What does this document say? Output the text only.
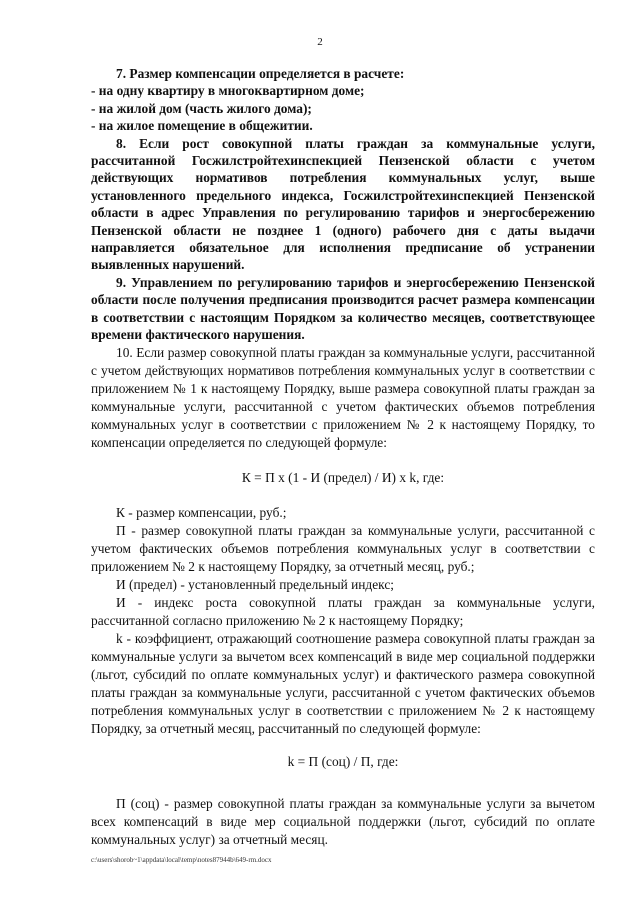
2

7. Размер компенсации определяется в расчете:

- на одну квартиру в многоквартирном доме;

- на жилой дом (часть жилого дома);

- на жилое помещение в общежитии.

8. Если рост совокупной платы граждан за коммунальные услуги, рассчитанной Госжилстройтехинспекцией Пензенской области с учетом действующих нормативов потребления коммунальных услуг, выше установленного предельного индекса, Госжилстройтехинспекцией Пензенской области в адрес Управления по регулированию тарифов и энергосбережению Пензенской области не позднее 1 (одного) рабочего дня с даты выдачи направляется обязательное для исполнения предписание об устранении выявленных нарушений.

9. Управлением по регулированию тарифов и энергосбережению Пензенской области после получения предписания производится расчет размера компенсации в соответствии с настоящим Порядком за количество месяцев, соответствующее времени фактического нарушения.

10. Если размер совокупной платы граждан за коммунальные услуги, рассчитанной с учетом действующих нормативов потребления коммунальных услуг в соответствии с приложением № 1 к настоящему Порядку, выше размера совокупной платы граждан за коммунальные услуги, рассчитанной с учетом фактических объемов потребления коммунальных услуг в соответствии с приложением № 2 к настоящему Порядку, то компенсации определяется по следующей формуле:

К = П х (1 - И (предел) / И) х k, где:

К - размер компенсации, руб.;

П - размер совокупной платы граждан за коммунальные услуги, рассчитанной с учетом фактических объемов потребления коммунальных услуг в соответствии с приложением № 2 к настоящему Порядку, за отчетный месяц, руб.;

И (предел) - установленный предельный индекс;

И - индекс роста совокупной платы граждан за коммунальные услуги, рассчитанной согласно приложению № 2 к настоящему Порядку;

k - коэффициент, отражающий соотношение размера совокупной платы граждан за коммунальные услуги за вычетом всех компенсаций в виде мер социальной поддержки (льгот, субсидий по оплате коммунальных услуг) и фактического размера совокупной платы граждан за коммунальные услуги, рассчитанной с учетом фактических объемов потребления коммунальных услуг в соответствии с приложением № 2 к настоящему Порядку, за отчетный месяц, рассчитанный по следующей формуле:

k = П (соц) / П, где:

П (соц) - размер совокупной платы граждан за коммунальные услуги за вычетом всех компенсаций в виде мер социальной поддержки (льгот, субсидий по оплате коммунальных услуг) за отчетный месяц.

c:\users\shorob~1\appdata\local\temp\notes87944b\649-rm.docx
